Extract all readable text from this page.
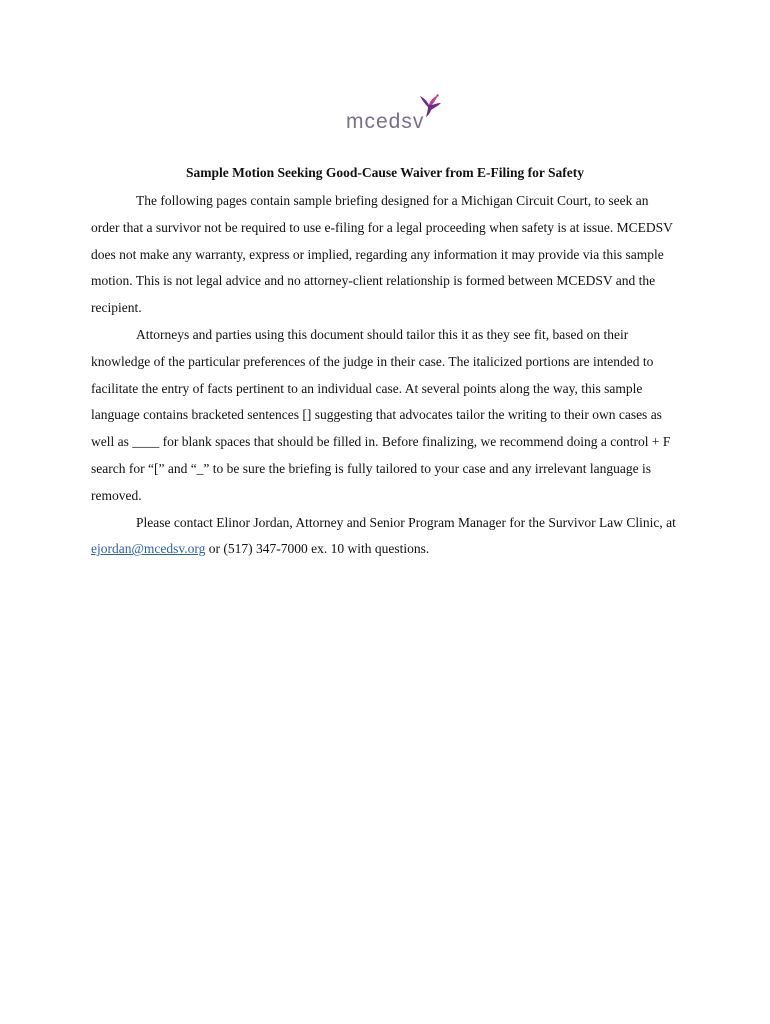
mcedsv
Sample Motion Seeking Good-Cause Waiver from E-Filing for Safety

The following pages contain sample briefing designed for a Michigan Circuit Court, to seek an order that a survivor not be required to use e-filing for a legal proceeding when safety is at issue. MCEDSV does not make any warranty, express or implied, regarding any information it may provide via this sample motion. This is not legal advice and no attorney-client relationship is formed between MCEDSV and the recipient.

Attorneys and parties using this document should tailor this it as they see fit, based on their knowledge of the particular preferences of the judge in their case. The italicized portions are intended to facilitate the entry of facts pertinent to an individual case. At several points along the way, this sample language contains bracketed sentences [] suggesting that advocates tailor the writing to their own cases as well as ____ for blank spaces that should be filled in. Before finalizing, we recommend doing a control + F search for “[” and “_” to be sure the briefing is fully tailored to your case and any irrelevant language is removed.

Please contact Elinor Jordan, Attorney and Senior Program Manager for the Survivor Law Clinic, at ejordan@mcedsv.org or (517) 347-7000 ex. 10 with questions.
